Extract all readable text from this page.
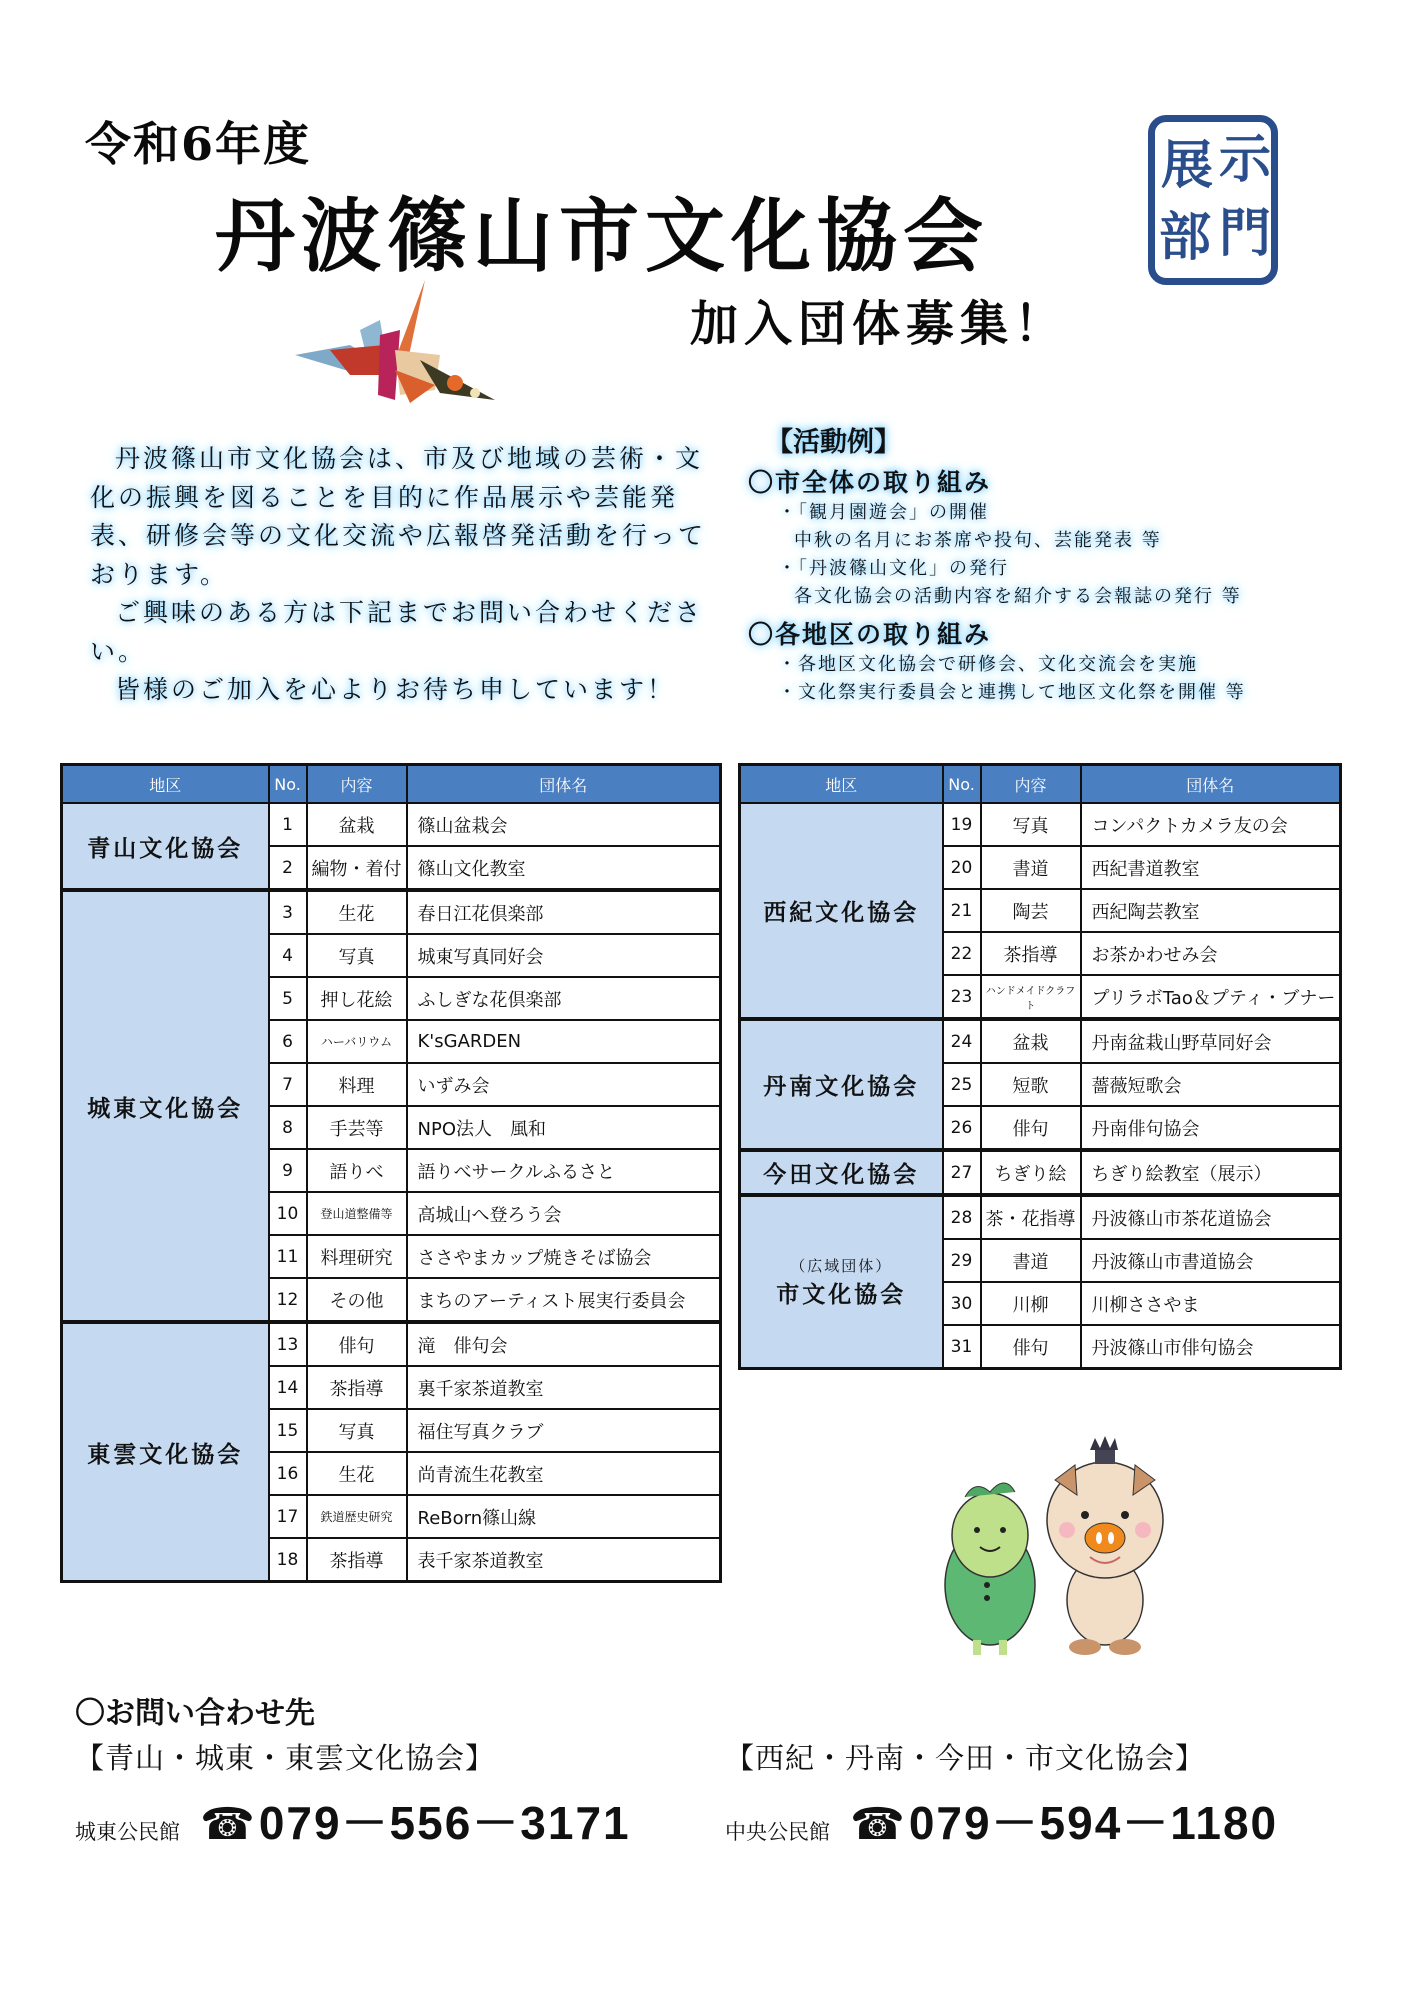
令和6年度
丹波篠山市文化協会
加入団体募集！
展 示
部 門

丹波篠山市文化協会は、市及び地域の芸術・文化の振興を図ることを目的に作品展示や芸能発表、研修会等の文化交流や広報啓発活動を行っております。

ご興味のある方は下記までお問い合わせください。

皆様のご加入を心よりお待ち申しています！

【活動例】
〇市全体の取り組み
・「観月園遊会」の開催
中秋の名月にお茶席や投句、芸能発表 等
・「丹波篠山文化」の発行
各文化協会の活動内容を紹介する会報誌の発行 等
〇各地区の取り組み
・各地区文化協会で研修会、文化交流会を実施
・文化祭実行委員会と連携して地区文化祭を開催 等
地区	No.	内容	団体名
青山文化協会	1	盆栽	篠山盆栽会
	2	編物・着付	篠山文化教室
城東文化協会	3	生花	春日江花倶楽部
	4	写真	城東写真同好会
	5	押し花絵	ふしぎな花倶楽部
	6	ハーバリウム	K'sGARDEN
	7	料理	いずみ会
	8	手芸等	NPO法人　風和
	9	語りべ	語りべサークルふるさと
	10	登山道整備等	高城山へ登ろう会
	11	料理研究	ささやまカップ焼きそば協会
	12	その他	まちのアーティスト展実行委員会
東雲文化協会	13	俳句	滝　俳句会
	14	茶指導	裏千家茶道教室
	15	写真	福住写真クラブ
	16	生花	尚青流生花教室
	17	鉄道歴史研究	ReBorn篠山線
	18	茶指導	表千家茶道教室
地区	No.	内容	団体名
西紀文化協会	19	写真	コンパクトカメラ友の会
	20	書道	西紀書道教室
	21	陶芸	西紀陶芸教室
	22	茶指導	お茶かわせみ会
	23	ハンドメイドクラフト	プリラボTao＆プティ・ブナー
丹南文化協会	24	盆栽	丹南盆栽山野草同好会
	25	短歌	薔薇短歌会
	26	俳句	丹南俳句協会
今田文化協会	27	ちぎり絵	ちぎり絵教室（展示）

（広域団体）
市文化協会	28	茶・花指導	丹波篠山市茶花道協会
	29	書道	丹波篠山市書道協会
	30	川柳	川柳ささやま
	31	俳句	丹波篠山市俳句協会
〇お問い合わせ先
【青山・城東・東雲文化協会】
城東公民館 ☎ 079－556－3171
【西紀・丹南・今田・市文化協会】
中央公民館 ☎ 079－594－1180
